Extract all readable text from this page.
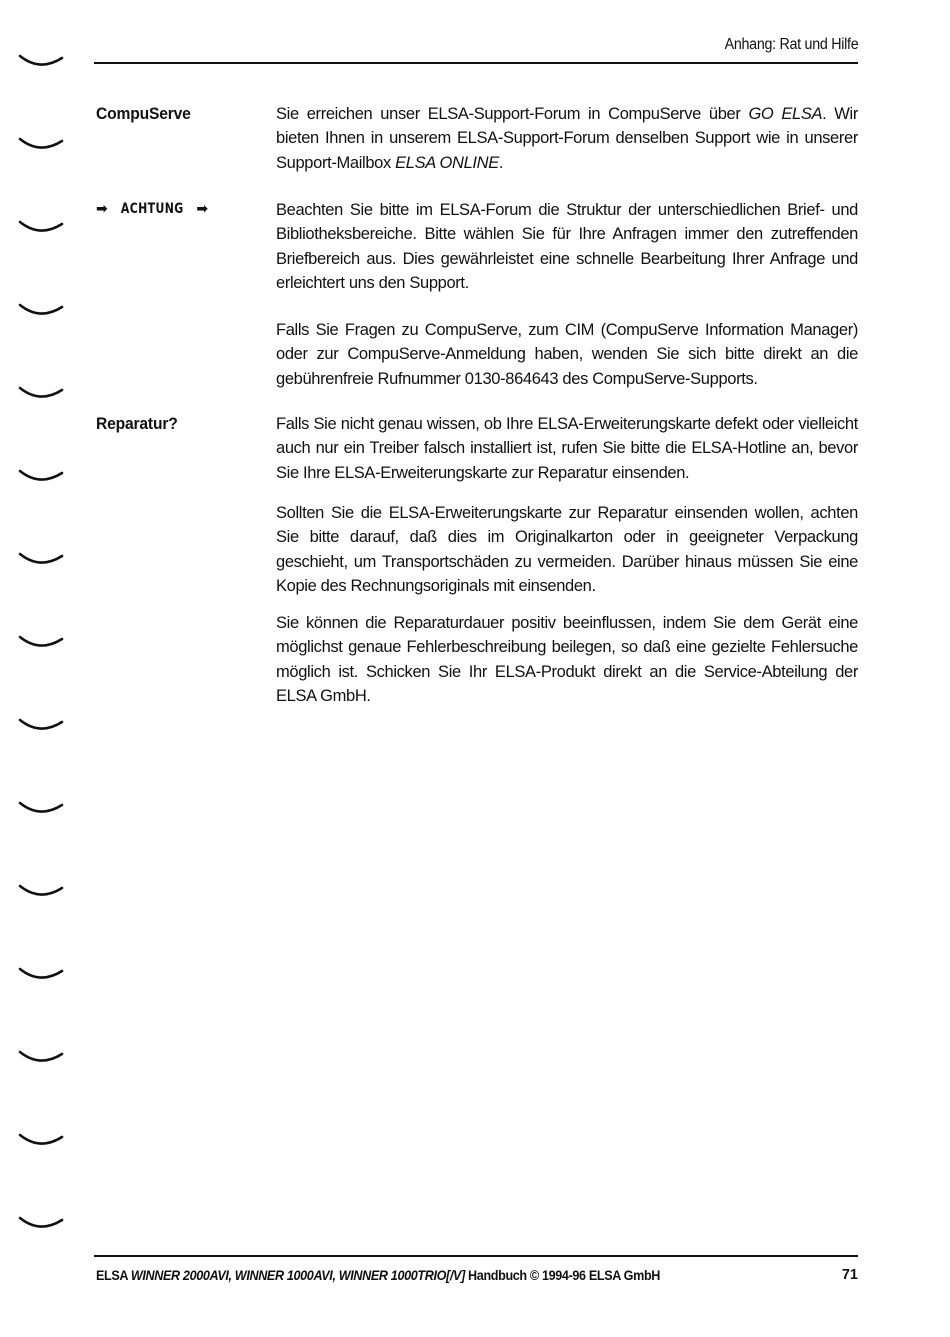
Anhang: Rat und Hilfe
CompuServe	Sie erreichen unser ELSA-Support-Forum in CompuServe über GO ELSA. Wir bieten Ihnen in unserem ELSA-Support-Forum denselben Support wie in unserer Support-Mailbox ELSA ONLINE.

➡ ACHTUNG ➡	Beachten Sie bitte im ELSA-Forum die Struktur der unterschiedlichen Brief- und Bibliotheksbereiche. Bitte wählen Sie für Ihre Anfragen immer den zutreffenden Briefbereich aus. Dies gewährleistet eine schnelle Bearbeitung Ihrer Anfrage und erleichtert uns den Support.

Falls Sie Fragen zu CompuServe, zum CIM (CompuServe Information Manager) oder zur CompuServe-Anmeldung haben, wenden Sie sich bitte direkt an die gebührenfreie Rufnummer 0130-864643 des CompuServe-Supports.

Reparatur?	Falls Sie nicht genau wissen, ob Ihre ELSA-Erweiterungskarte defekt oder vielleicht auch nur ein Treiber falsch installiert ist, rufen Sie bitte die ELSA-Hotline an, bevor Sie Ihre ELSA-Erweiterungskarte zur Reparatur einsenden.

Sollten Sie die ELSA-Erweiterungskarte zur Reparatur einsenden wollen, achten Sie bitte darauf, daß dies im Originalkarton oder in geeigneter Verpackung geschieht, um Transportschäden zu vermeiden. Darüber hinaus müssen Sie eine Kopie des Rechnungsoriginals mit einsenden.

Sie können die Reparaturdauer positiv beeinflussen, indem Sie dem Gerät eine möglichst genaue Fehlerbeschreibung beilegen, so daß eine gezielte Fehlersuche möglich ist. Schicken Sie Ihr ELSA-Produkt direkt an die Service-Abteilung der ELSA GmbH.

ELSA WINNER 2000AVI, WINNER 1000AVI, WINNER 1000TRIO[/V] Handbuch © 1994-96 ELSA GmbH	71
